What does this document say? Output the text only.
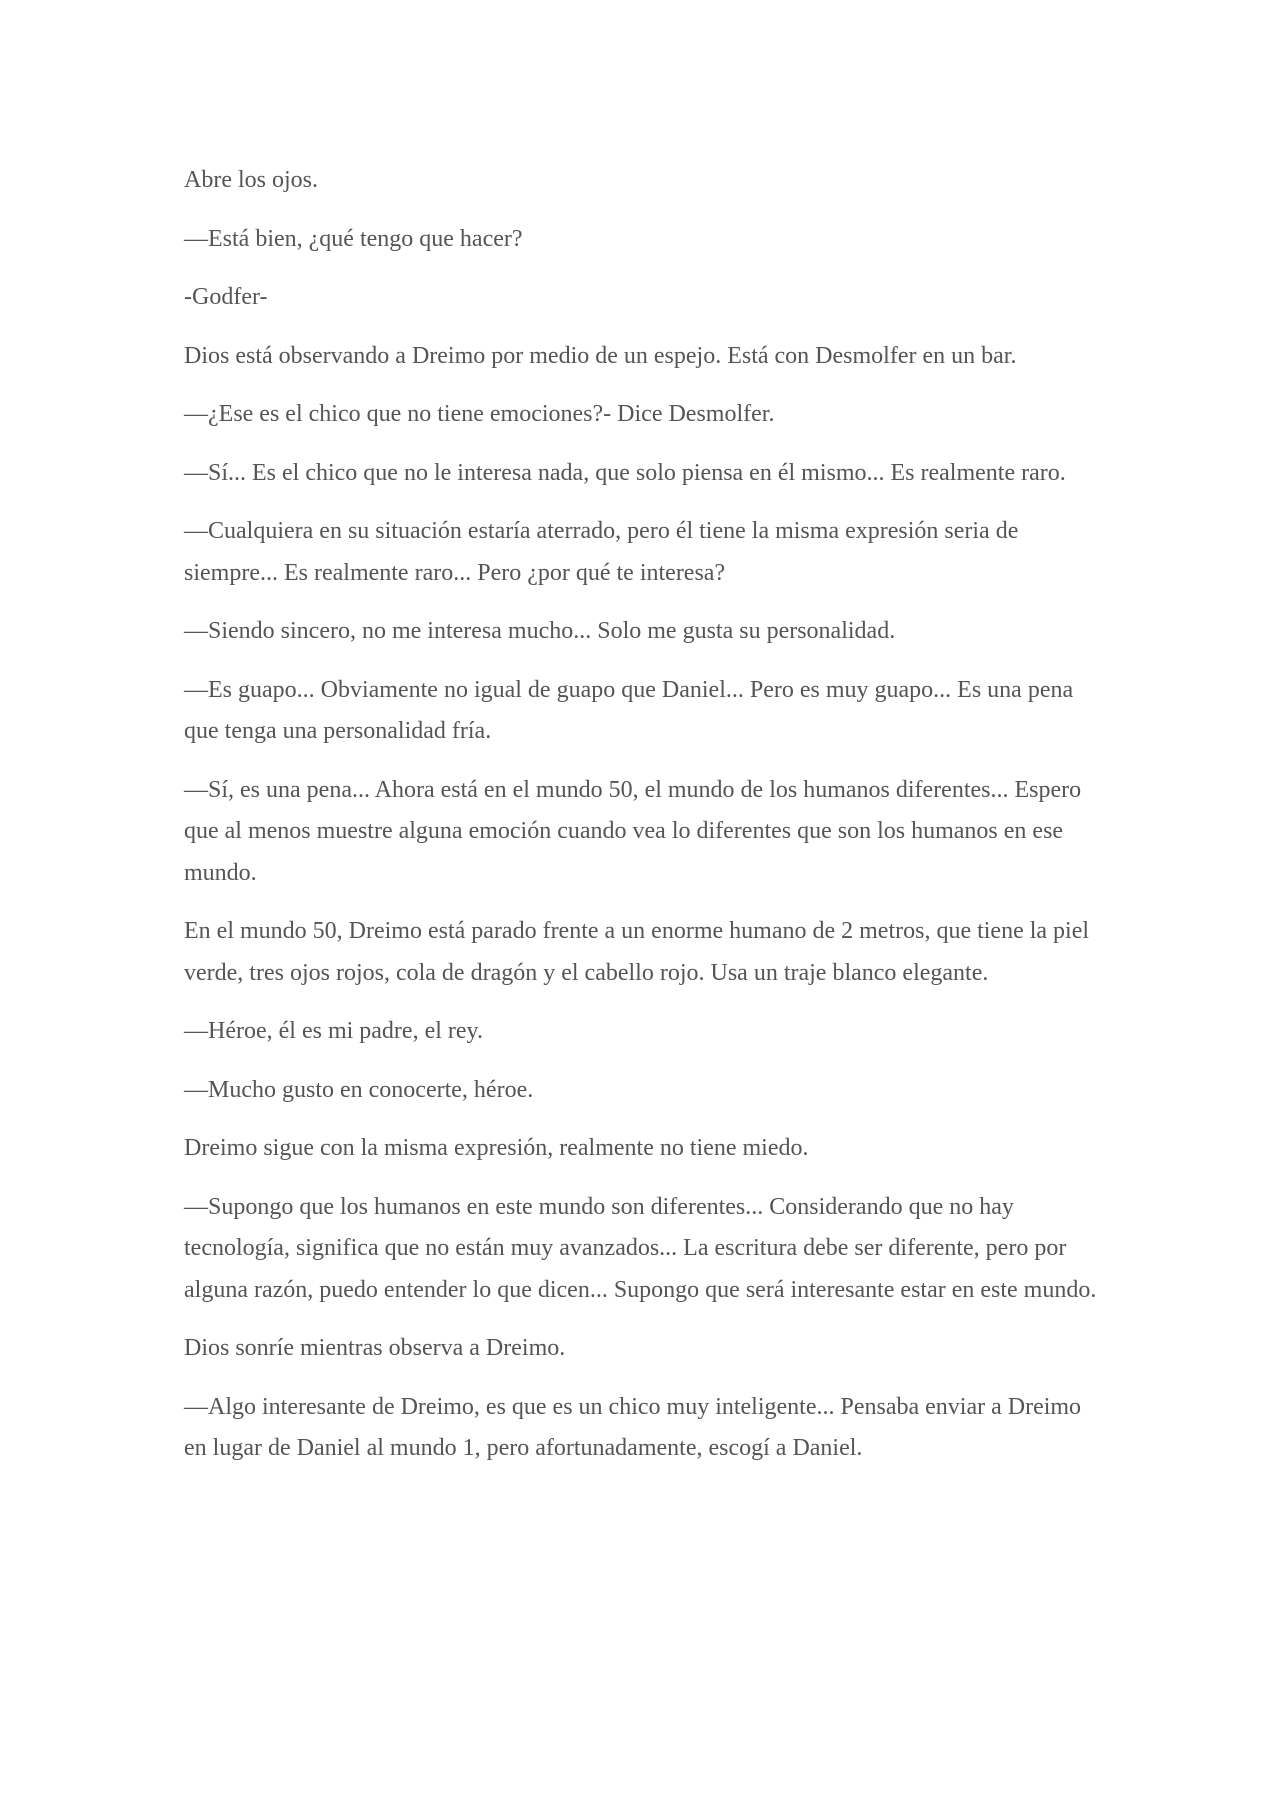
Abre los ojos.

—Está bien, ¿qué tengo que hacer?

-Godfer-

Dios está observando a Dreimo por medio de un espejo. Está con Desmolfer en un bar.

—¿Ese es el chico que no tiene emociones?- Dice Desmolfer.

—Sí... Es el chico que no le interesa nada, que solo piensa en él mismo... Es realmente raro.

—Cualquiera en su situación estaría aterrado, pero él tiene la misma expresión seria de siempre... Es realmente raro... Pero ¿por qué te interesa?

—Siendo sincero, no me interesa mucho... Solo me gusta su personalidad.

—Es guapo... Obviamente no igual de guapo que Daniel... Pero es muy guapo... Es una pena que tenga una personalidad fría.

—Sí, es una pena... Ahora está en el mundo 50, el mundo de los humanos diferentes... Espero que al menos muestre alguna emoción cuando vea lo diferentes que son los humanos en ese mundo.

En el mundo 50, Dreimo está parado frente a un enorme humano de 2 metros, que tiene la piel verde, tres ojos rojos, cola de dragón y el cabello rojo. Usa un traje blanco elegante.

—Héroe, él es mi padre, el rey.

—Mucho gusto en conocerte, héroe.

Dreimo sigue con la misma expresión, realmente no tiene miedo.

—Supongo que los humanos en este mundo son diferentes... Considerando que no hay tecnología, significa que no están muy avanzados... La escritura debe ser diferente, pero por alguna razón, puedo entender lo que dicen... Supongo que será interesante estar en este mundo.

Dios sonríe mientras observa a Dreimo.

—Algo interesante de Dreimo, es que es un chico muy inteligente... Pensaba enviar a Dreimo en lugar de Daniel al mundo 1, pero afortunadamente, escogí a Daniel.
